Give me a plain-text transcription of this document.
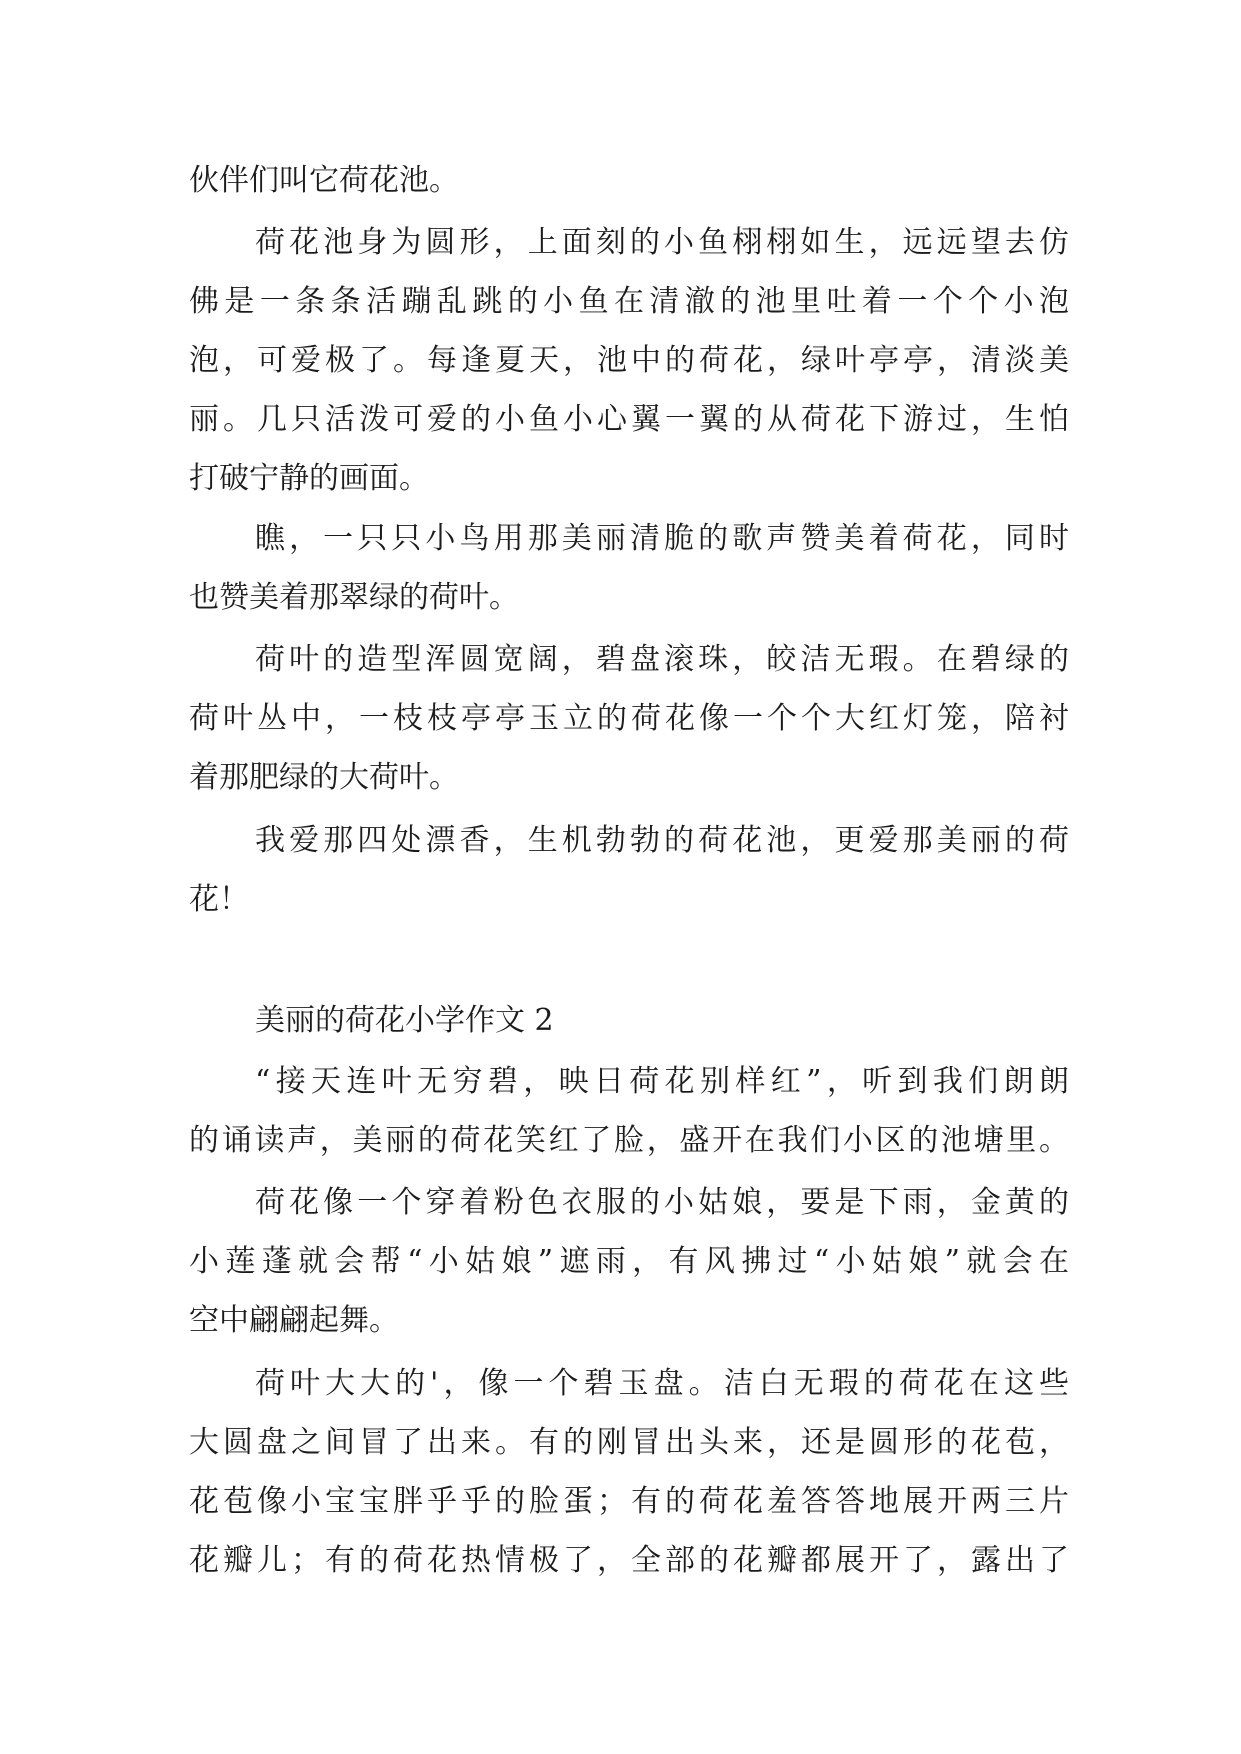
伙伴们叫它荷花池。

荷花池身为圆形，上面刻的小鱼栩栩如生，远远望去仿

佛是一条条活蹦乱跳的小鱼在清澈的池里吐着一个个小泡

泡，可爱极了。每逢夏天，池中的荷花，绿叶亭亭，清淡美

丽。几只活泼可爱的小鱼小心翼一翼的从荷花下游过，生怕

打破宁静的画面。

瞧，一只只小鸟用那美丽清脆的歌声赞美着荷花，同时

也赞美着那翠绿的荷叶。

荷叶的造型浑圆宽阔，碧盘滚珠，皎洁无瑕。在碧绿的

荷叶丛中，一枝枝亭亭玉立的荷花像一个个大红灯笼，陪衬

着那肥绿的大荷叶。

我爱那四处漂香，生机勃勃的荷花池，更爱那美丽的荷

花！

美丽的荷花小学作文 2

“接天连叶无穷碧，映日荷花别样红”，听到我们朗朗

的诵读声，美丽的荷花笑红了脸，盛开在我们小区的池塘里。

荷花像一个穿着粉色衣服的小姑娘，要是下雨，金黄的

小莲蓬就会帮“小姑娘”遮雨，有风拂过“小姑娘”就会在

空中翩翩起舞。

荷叶大大的'，像一个碧玉盘。洁白无瑕的荷花在这些

大圆盘之间冒了出来。有的刚冒出头来，还是圆形的花苞，

花苞像小宝宝胖乎乎的脸蛋；有的荷花羞答答地展开两三片

花瓣儿；有的荷花热情极了，全部的花瓣都展开了，露出了
